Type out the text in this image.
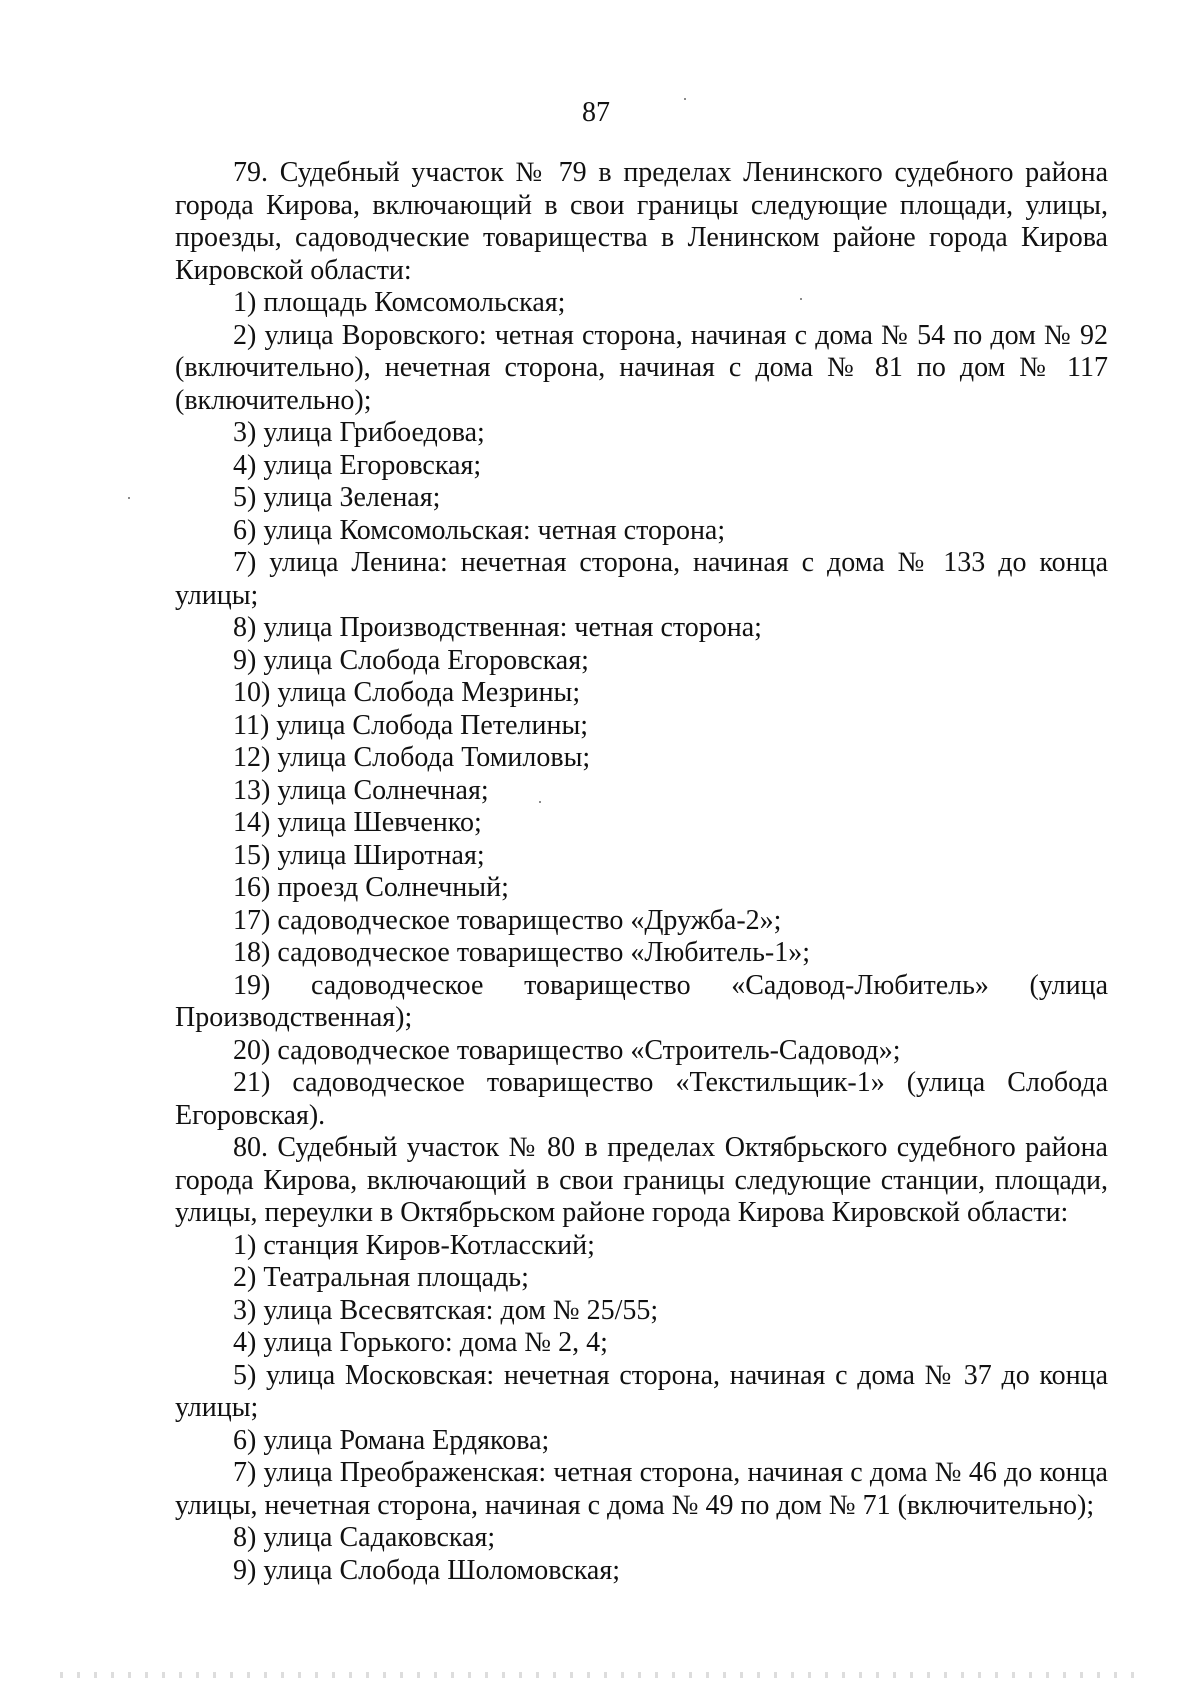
87

79. Судебный участок № 79 в пределах Ленинского судебного района города Кирова, включающий в свои границы следующие площади, улицы, проезды, садоводческие товарищества в Ленинском районе города Кирова Кировской области:

1) площадь Комсомольская;

2) улица Воровского: четная сторона, начиная с дома № 54 по дом № 92 (включительно), нечетная сторона, начиная с дома № 81 по дом № 117 (включительно);

3) улица Грибоедова;

4) улица Егоровская;

5) улица Зеленая;

6) улица Комсомольская: четная сторона;

7) улица Ленина: нечетная сторона, начиная с дома № 133 до конца улицы;

8) улица Производственная: четная сторона;

9) улица Слобода Егоровская;

10) улица Слобода Мезрины;

11) улица Слобода Петелины;

12) улица Слобода Томиловы;

13) улица Солнечная;

14) улица Шевченко;

15) улица Широтная;

16) проезд Солнечный;

17) садоводческое товарищество «Дружба-2»;

18) садоводческое товарищество «Любитель-1»;

19) садоводческое товарищество «Садовод-Любитель» (улица Производственная);

20) садоводческое товарищество «Строитель-Садовод»;

21) садоводческое товарищество «Текстильщик-1» (улица Слобода Егоровская).

80. Судебный участок № 80 в пределах Октябрьского судебного района города Кирова, включающий в свои границы следующие станции, площади, улицы, переулки в Октябрьском районе города Кирова Кировской области:

1) станция Киров-Котласский;

2) Театральная площадь;

3) улица Всесвятская: дом № 25/55;

4) улица Горького: дома № 2, 4;

5) улица Московская: нечетная сторона, начиная с дома № 37 до конца улицы;

6) улица Романа Ердякова;

7) улица Преображенская: четная сторона, начиная с дома № 46 до конца улицы, нечетная сторона, начиная с дома № 49 по дом № 71 (включительно);

8) улица Садаковская;

9) улица Слобода Шоломовская;
